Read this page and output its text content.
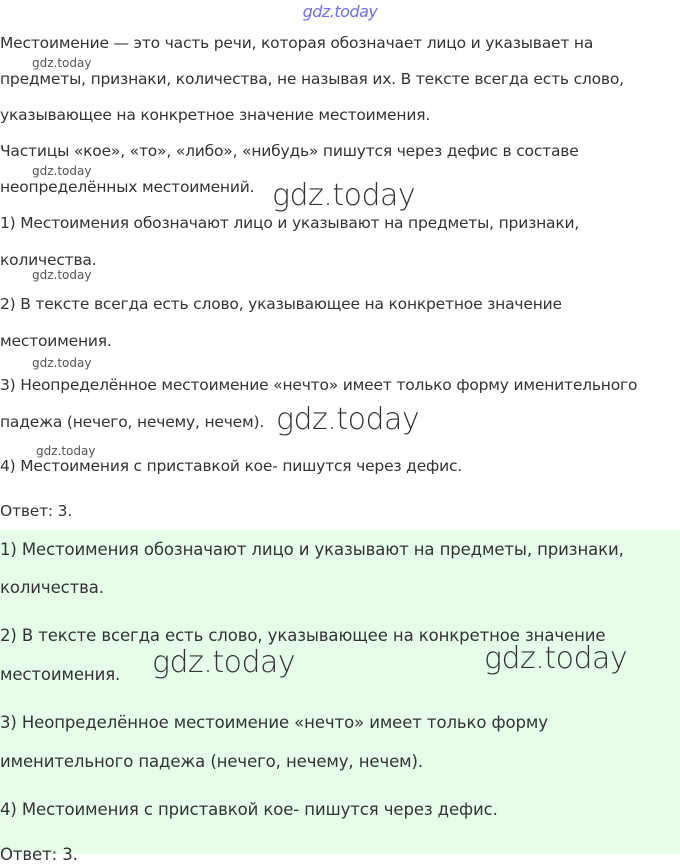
gdz.today
Местоимение — это часть речи, которая обозначает лицо и указывает на
предметы, признаки, количества, не называя их. В тексте всегда есть слово,
указывающее на конкретное значение местоимения.
Частицы «кое», «то», «либо», «нибудь» пишутся через дефис в составе
неопределённых местоимений.
1) Местоимения обозначают лицо и указывают на предметы, признаки,
количества.
2) В тексте всегда есть слово, указывающее на конкретное значение
местоимения.
3) Неопределённое местоимение «нечто» имеет только форму именительного
падежа (нечего, нечему, нечем).
4) Местоимения с приставкой кое- пишутся через дефис.
Ответ: 3.
gdz.today
gdz.today
gdz.today
gdz.today
gdz.today
gdz.today
gdz.today
1) Местоимения обозначают лицо и указывают на предметы, признаки,
количества.
2) В тексте всегда есть слово, указывающее на конкретное значение
местоимения.
3) Неопределённое местоимение «нечто» имеет только форму
именительного падежа (нечего, нечему, нечем).
4) Местоимения с приставкой кое- пишутся через дефис.
Ответ: 3.
gdz.today	gdz.today
